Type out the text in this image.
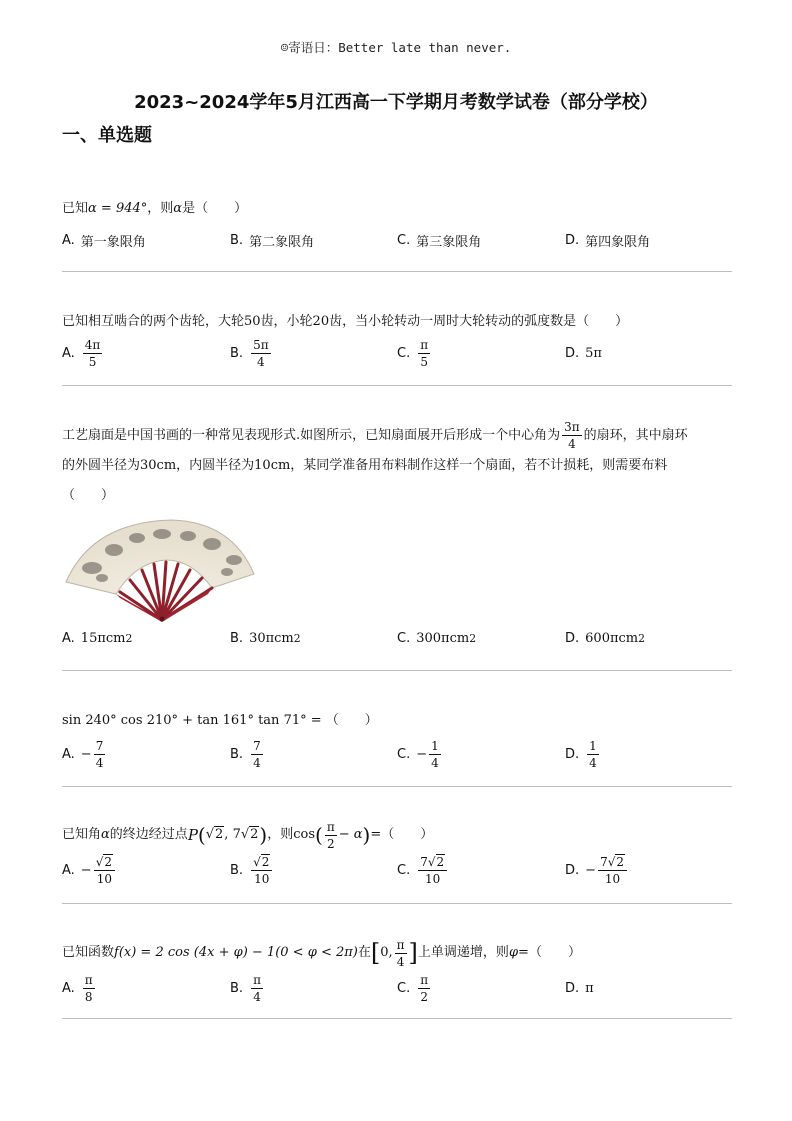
☺寄语日：Better late than never.
2023~2024学年5月江西高一下学期月考数学试卷（部分学校）
一、单选题
已知α = 944°，则α是（　　）
A. 第一象限角	B. 第二象限角	C. 第三象限角	D. 第四象限角
已知相互啮合的两个齿轮，大轮50齿，小轮20齿，当小轮转动一周时大轮转动的弧度数是（　　）
A. $\frac{4\pi}{5}$	B. $\frac{5\pi}{4}$	C. $\frac{\pi}{5}$	D. 5π
工艺扇面是中国书画的一种常见表现形式.如图所示，已知扇面展开后形成一个中心角为 $\frac{3\pi}{4}$ 的扇环，其中扇环
的外圆半径为30cm，内圆半径为10cm，某同学准备用布料制作这样一个扇面，若不计损耗，则需要布料
（　　）
A. 15πcm 2	B. 30πcm 2	C. 300πcm 2	D. 600πcm 2
sin 240° cos 210° + tan 161° tan 71° = （　　）
A. − $\frac{7}{4}$	B. $\frac{7}{4}$	C. − $\frac{1}{4}$	D. $\frac{1}{4}$
已知角 α 的终边经过点 P ( √2 , 7 √2 ) ，则 cos ( $\frac{\pi}{2} - \alpha$ ) =（　　）
A. − $\frac{√2}{10}$	B. $\frac{√2}{10}$	C. $\frac{7√2}{10}$	D. − $\frac{7√2}{10}$
已知函数 f(x) = 2 cos (4x + φ) − 1(0 < φ < 2π) 在 [ 0, $\frac{\pi}{4}$ ] 上单调递增，则 φ =（　　）
A. $\frac{\pi}{8}$	B. $\frac{\pi}{4}$	C. $\frac{\pi}{2}$	D. π
